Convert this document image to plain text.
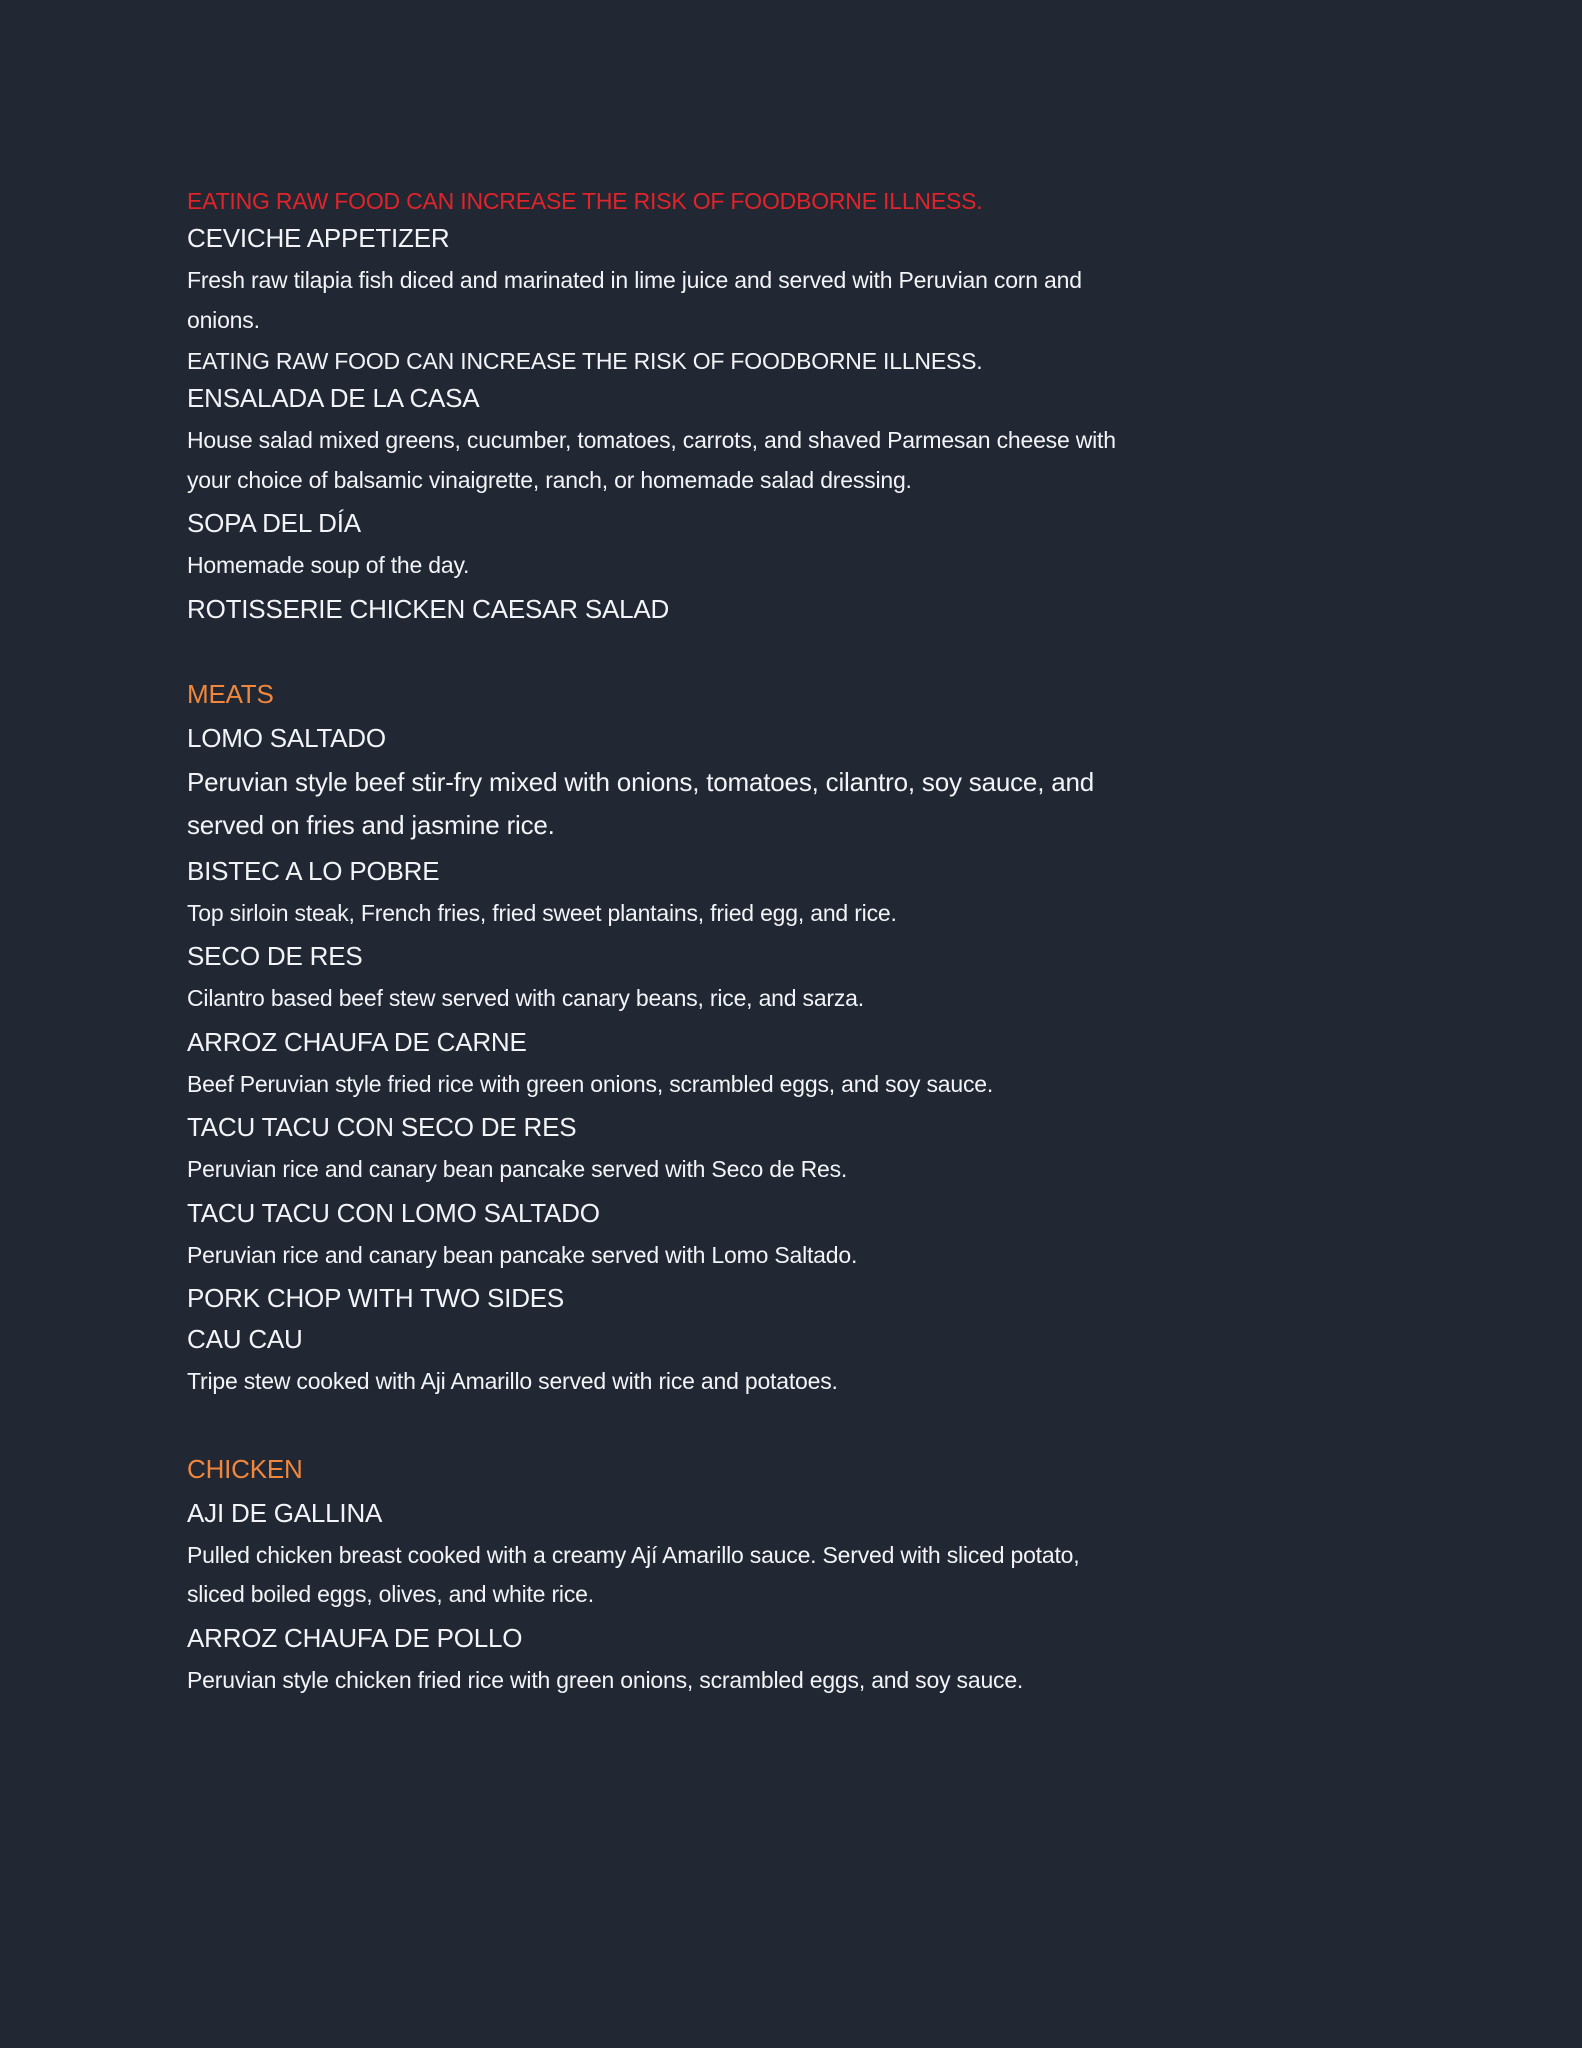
EATING RAW FOOD CAN INCREASE THE RISK OF FOODBORNE ILLNESS.
CEVICHE APPETIZER
Fresh raw tilapia fish diced and marinated in lime juice and served with Peruvian corn and onions.
EATING RAW FOOD CAN INCREASE THE RISK OF FOODBORNE ILLNESS.
ENSALADA DE LA CASA
House salad mixed greens, cucumber, tomatoes, carrots, and shaved Parmesan cheese with your choice of balsamic vinaigrette, ranch, or homemade salad dressing.
SOPA DEL DÍA
Homemade soup of the day.
ROTISSERIE CHICKEN CAESAR SALAD
MEATS
LOMO SALTADO
Peruvian style beef stir-fry mixed with onions, tomatoes, cilantro, soy sauce, and served on fries and jasmine rice.
BISTEC A LO POBRE
Top sirloin steak, French fries, fried sweet plantains, fried egg, and rice.
SECO DE RES
Cilantro based beef stew served with canary beans, rice, and sarza.
ARROZ CHAUFA DE CARNE
Beef Peruvian style fried rice with green onions, scrambled eggs, and soy sauce.
TACU TACU CON SECO DE RES
Peruvian rice and canary bean pancake served with Seco de Res.
TACU TACU CON LOMO SALTADO
Peruvian rice and canary bean pancake served with Lomo Saltado.
PORK CHOP WITH TWO SIDES
CAU CAU
Tripe stew cooked with Aji Amarillo served with rice and potatoes.
CHICKEN
AJI DE GALLINA
Pulled chicken breast cooked with a creamy Ají Amarillo sauce. Served with sliced potato, sliced boiled eggs, olives, and white rice.
ARROZ CHAUFA DE POLLO
Peruvian style chicken fried rice with green onions, scrambled eggs, and soy sauce.
